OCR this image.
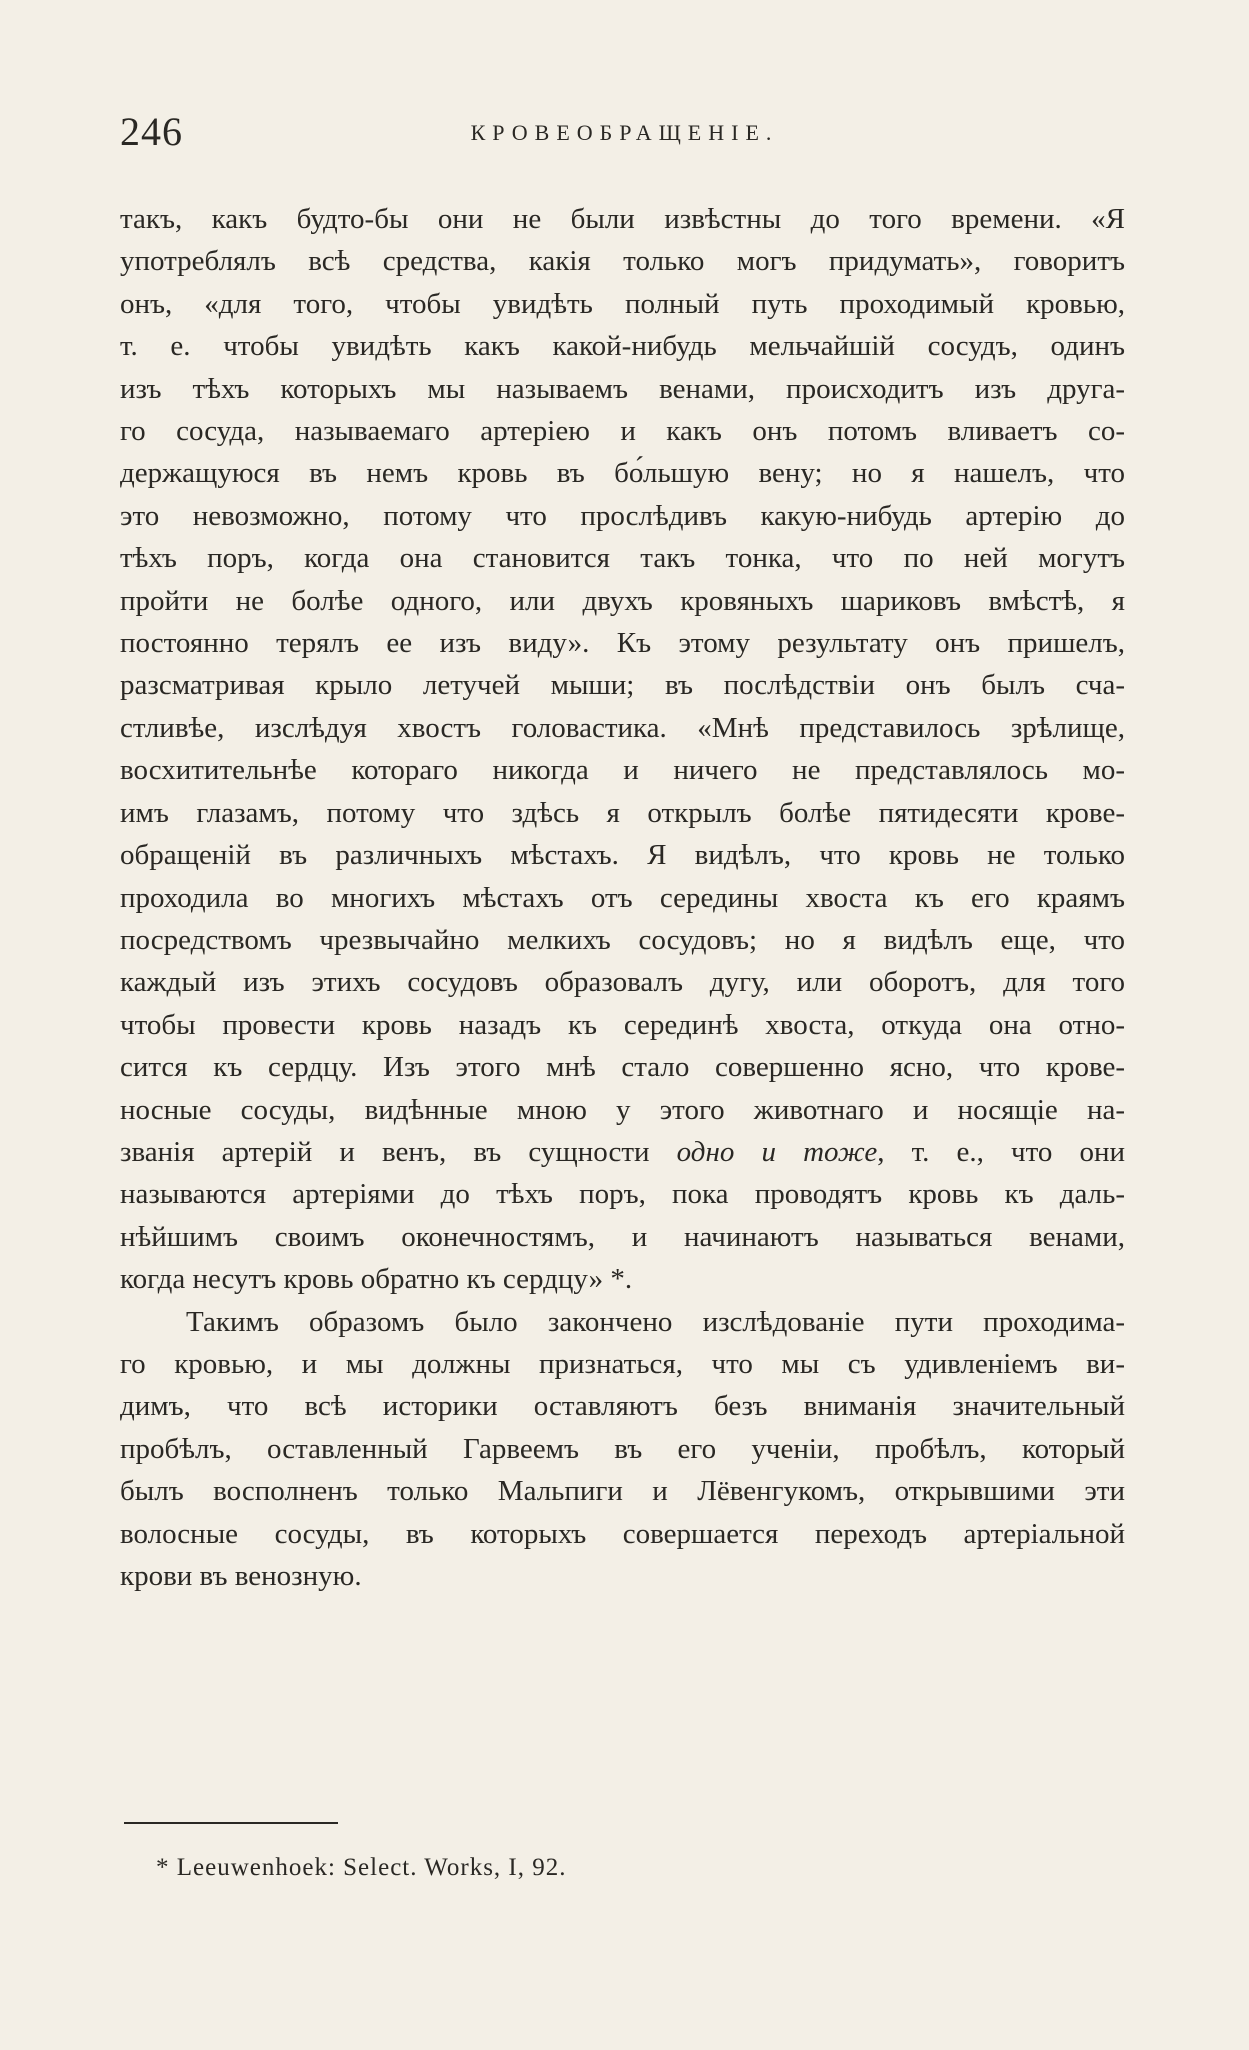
246	КРОВЕОБРАЩЕНІЕ.
такъ, какъ будто-бы они не были извѣстны до того времени. «Я
употреблялъ всѣ средства, какія только могъ придумать», говоритъ
онъ, «для того, чтобы увидѣть полный путь проходимый кровью,
т. е. чтобы увидѣть какъ какой-нибудь мельчайшій сосудъ, одинъ
изъ тѣхъ которыхъ мы называемъ венами, происходитъ изъ друга-
го сосуда, называемаго артеріею и какъ онъ потомъ вливаетъ со-
держащуюся въ немъ кровь въ бо́льшую вену; но я нашелъ, что
это невозможно, потому что прослѣдивъ какую-нибудь артерію до
тѣхъ поръ, когда она становится такъ тонка, что по ней могутъ
пройти не болѣе одного, или двухъ кровяныхъ шариковъ вмѣстѣ, я
постоянно терялъ ее изъ виду». Къ этому результату онъ пришелъ,
разсматривая крыло летучей мыши; въ послѣдствіи онъ былъ сча-
стливѣе, изслѣдуя хвостъ головастика. «Мнѣ представилось зрѣлище,
восхитительнѣе котораго никогда и ничего не представлялось мо-
имъ глазамъ, потому что здѣсь я открылъ болѣе пятидесяти крове-
обращеній въ различныхъ мѣстахъ. Я видѣлъ, что кровь не только
проходила во многихъ мѣстахъ отъ середины хвоста къ его краямъ
посредствомъ чрезвычайно мелкихъ сосудовъ; но я видѣлъ еще, что
каждый изъ этихъ сосудовъ образовалъ дугу, или оборотъ, для того
чтобы провести кровь назадъ къ серединѣ хвоста, откуда она отно-
сится къ сердцу. Изъ этого мнѣ стало совершенно ясно, что крове-
носные сосуды, видѣнные мною у этого животнаго и носящіе на-
званія артерій и венъ, въ сущности одно и тоже, т. е., что они
называются артеріями до тѣхъ поръ, пока проводятъ кровь къ даль-
нѣйшимъ своимъ оконечностямъ, и начинаютъ называться венами,
когда несутъ кровь обратно къ сердцу» *.
Такимъ образомъ было закончено изслѣдованіе пути проходима-
го кровью, и мы должны признаться, что мы съ удивленіемъ ви-
димъ, что всѣ историки оставляютъ безъ вниманія значительный
пробѣлъ, оставленный Гарвеемъ въ его ученіи, пробѣлъ, который
былъ восполненъ только Мальпиги и Лёвенгукомъ, открывшими эти
волосные сосуды, въ которыхъ совершается переходъ артеріальной
крови въ венозную.
* Leeuwenhoek: Select. Works, I, 92.
